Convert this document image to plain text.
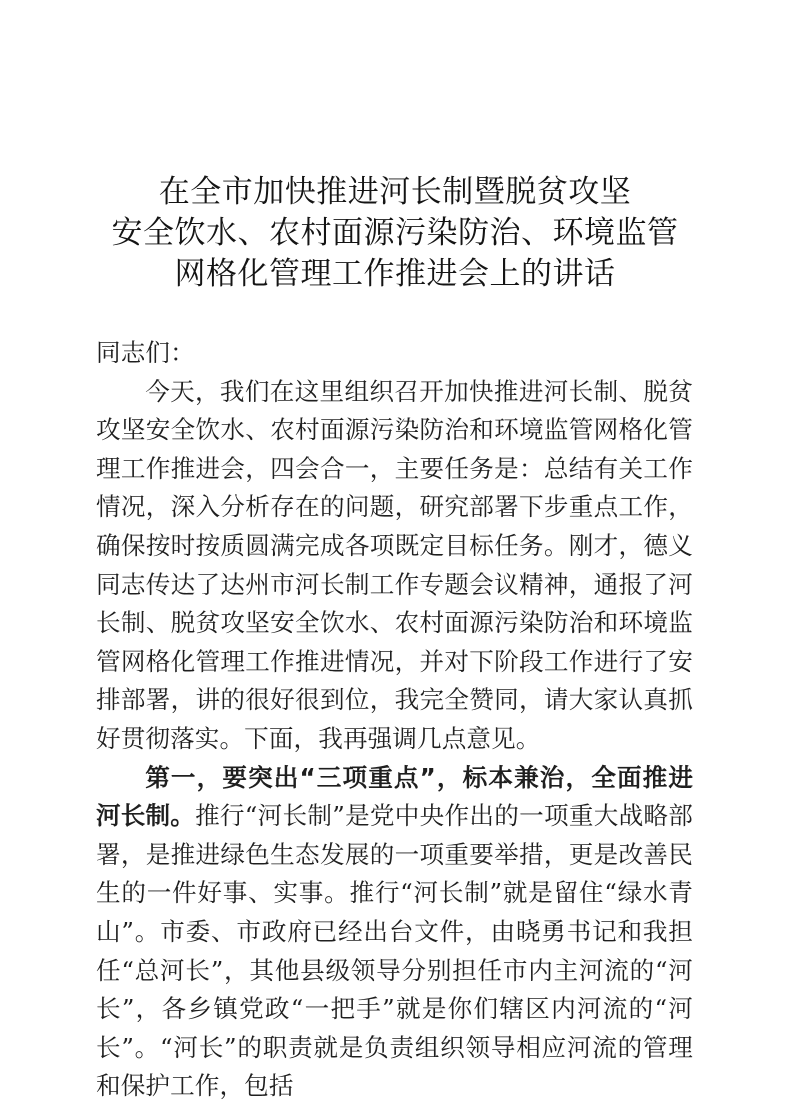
在全市加快推进河长制暨脱贫攻坚
安全饮水、农村面源污染防治、环境监管
网格化管理工作推进会上的讲话

同志们：

今天，我们在这里组织召开加快推进河长制、脱贫攻坚安全饮水、农村面源污染防治和环境监管网格化管理工作推进会，四会合一，主要任务是：总结有关工作情况，深入分析存在的问题，研究部署下步重点工作，确保按时按质圆满完成各项既定目标任务。刚才，德义同志传达了达州市河长制工作专题会议精神，通报了河长制、脱贫攻坚安全饮水、农村面源污染防治和环境监管网格化管理工作推进情况，并对下阶段工作进行了安排部署，讲的很好很到位，我完全赞同，请大家认真抓好贯彻落实。下面，我再强调几点意见。

第一，要突出“三项重点”，标本兼治，全面推进河长制。推行“河长制”是党中央作出的一项重大战略部署，是推进绿色生态发展的一项重要举措，更是改善民生的一件好事、实事。推行“河长制”就是留住“绿水青山”。市委、市政府已经出台文件，由晓勇书记和我担任“总河长”，其他县级领导分别担任市内主河流的“河长”，各乡镇党政“一把手”就是你们辖区内河流的“河长”。“河长”的职责就是负责组织领导相应河流的管理和保护工作，包括
